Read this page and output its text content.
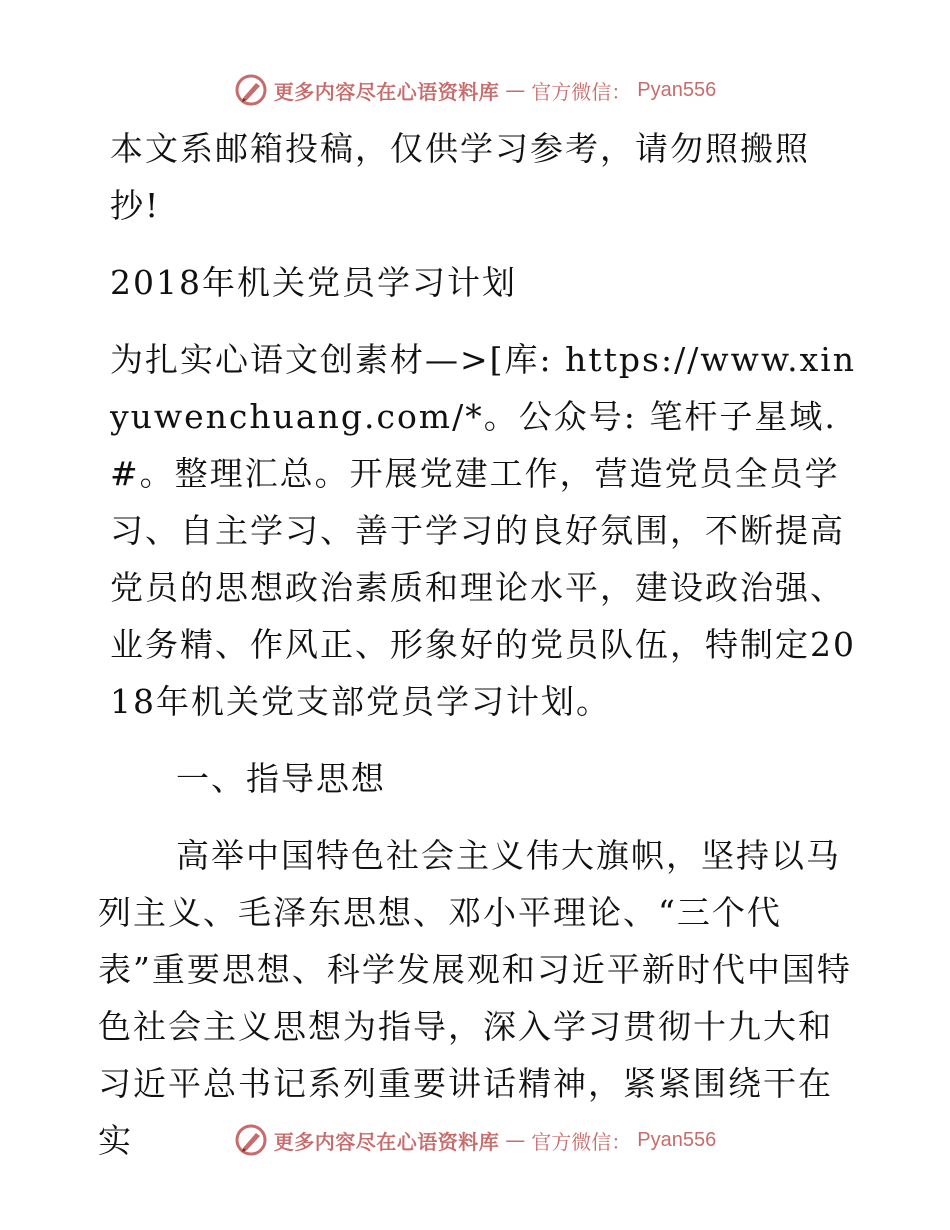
更多内容尽在心语资料库 — 官方微信： Pyan556

本文系邮箱投稿，仅供学习参考，请勿照搬照抄!

2018年机关党员学习计划

为扎实心语文创素材—>[库: https://www.xinyuwenchuang.com/*。公众号: 笔杆子星域.#。整理汇总。开展党建工作，营造党员全员学习、自主学习、善于学习的良好氛围，不断提高党员的思想政治素质和理论水平，建设政治强、业务精、作风正、形象好的党员队伍，特制定2018年机关党支部党员学习计划。

一、指导思想

高举中国特色社会主义伟大旗帜，坚持以马列主义、毛泽东思想、邓小平理论、“三个代表”重要思想、科学发展观和习近平新时代中国特色社会主义思想为指导，深入学习贯彻十九大和习近平总书记系列重要讲话精神，紧紧围绕干在实	更多内容尽在心语资料库 — 官方微信： Pyan556
